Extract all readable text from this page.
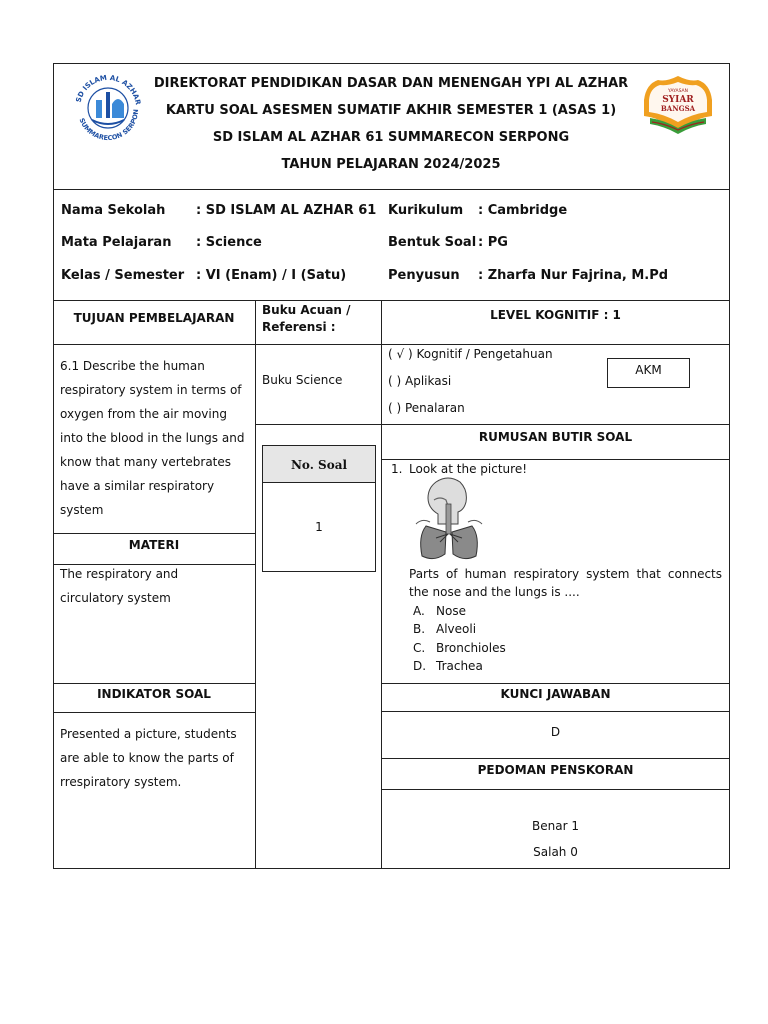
SD ISLAM AL AZHAR
SUMMARECON SERPON
YAYASAN
SYIAR
BANGSA
DIREKTORAT PENDIDIKAN DASAR DAN MENENGAH YPI AL AZHAR
KARTU SOAL ASESMEN SUMATIF AKHIR SEMESTER 1 (ASAS 1)
SD ISLAM AL AZHAR 61 SUMMARECON SERPONG
TAHUN PELAJARAN 2024/2025
Nama Sekolah : SD ISLAM AL AZHAR 61
Mata Pelajaran : Science
Kelas / Semester : VI (Enam) / I (Satu)
Kurikulum : Cambridge
Bentuk Soal : PG
Penyusun : Zharfa Nur Fajrina, M.Pd
TUJUAN PEMBELAJARAN
Buku Acuan /
Referensi :
LEVEL KOGNITIF : 1
6.1 Describe the human respiratory system in terms of oxygen from the air moving into the blood in the lungs and know that many vertebrates have a similar respiratory system
Buku Science
( √ ) Kognitif / Pengetahuan
( ) Aplikasi
( ) Penalaran
AKM
No. Soal
1
RUMUSAN BUTIR SOAL
1. Look at the picture!
Parts of human respiratory system that connects the nose and the lungs is ....
A. Nose
B. Alveoli
C. Bronchioles
D. Trachea
MATERI
The respiratory and circulatory system
INDIKATOR SOAL
Presented a picture, students are able to know the parts of rrespiratory system.
KUNCI JAWABAN
D
PEDOMAN PENSKORAN
Benar 1
Salah 0
